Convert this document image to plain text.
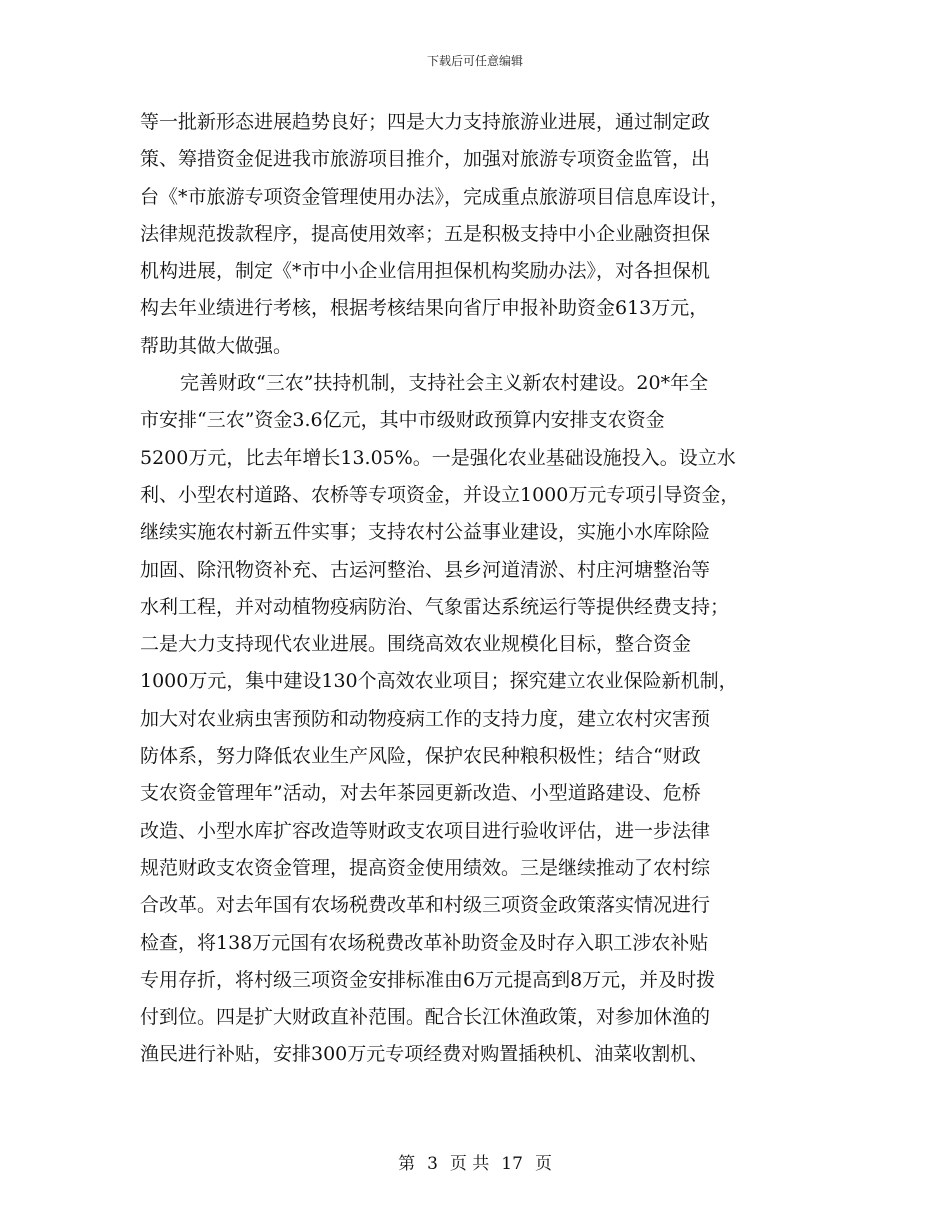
下载后可任意编辑
等一批新形态进展趋势良好；四是大力支持旅游业进展，通过制定政
策、筹措资金促进我市旅游项目推介，加强对旅游专项资金监管，出
台《*市旅游专项资金管理使用办法》，完成重点旅游项目信息库设计，
法律规范拨款程序，提高使用效率；五是积极支持中小企业融资担保
机构进展，制定《*市中小企业信用担保机构奖励办法》，对各担保机
构去年业绩进行考核，根据考核结果向省厅申报补助资金613万元，
帮助其做大做强。
完善财政“三农”扶持机制，支持社会主义新农村建设。20*年全
市安排“三农”资金3.6亿元，其中市级财政预算内安排支农资金
5200万元，比去年增长13.05%。一是强化农业基础设施投入。设立水
利、小型农村道路、农桥等专项资金，并设立1000万元专项引导资金，
继续实施农村新五件实事；支持农村公益事业建设，实施小水库除险
加固、除汛物资补充、古运河整治、县乡河道清淤、村庄河塘整治等
水利工程，并对动植物疫病防治、气象雷达系统运行等提供经费支持；
二是大力支持现代农业进展。围绕高效农业规模化目标，整合资金
1000万元，集中建设130个高效农业项目；探究建立农业保险新机制，
加大对农业病虫害预防和动物疫病工作的支持力度，建立农村灾害预
防体系，努力降低农业生产风险，保护农民种粮积极性；结合“财政
支农资金管理年”活动，对去年茶园更新改造、小型道路建设、危桥
改造、小型水库扩容改造等财政支农项目进行验收评估，进一步法律
规范财政支农资金管理，提高资金使用绩效。三是继续推动了农村综
合改革。对去年国有农场税费改革和村级三项资金政策落实情况进行
检查，将138万元国有农场税费改革补助资金及时存入职工涉农补贴
专用存折，将村级三项资金安排标准由6万元提高到8万元，并及时拨
付到位。四是扩大财政直补范围。配合长江休渔政策，对参加休渔的
渔民进行补贴，安排300万元专项经费对购置插秧机、油菜收割机、
第 3 页 共 17 页
